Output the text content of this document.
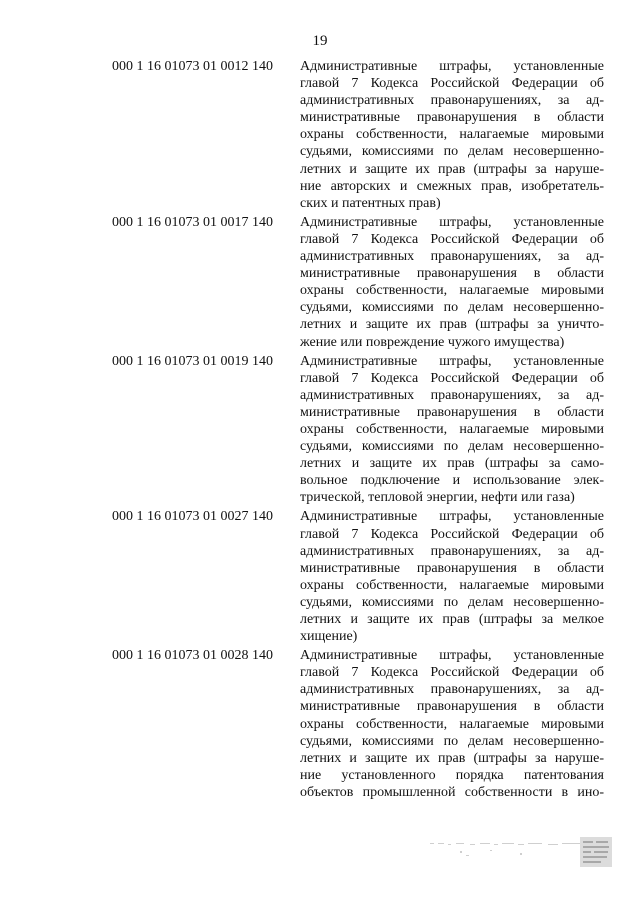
19
000 1 16 01073 01 0012 140 Административные штрафы, установленные
главой 7 Кодекса Российской Федерации об
административных правонарушениях, за ад-
министративные правонарушения в области
охраны собственности, налагаемые мировыми
судьями, комиссиями по делам несовершенно-
летних и защите их прав (штрафы за наруше-
ние авторских и смежных прав, изобретатель-
ских и патентных прав)
000 1 16 01073 01 0017 140 Административные штрафы, установленные
главой 7 Кодекса Российской Федерации об
административных правонарушениях, за ад-
министративные правонарушения в области
охраны собственности, налагаемые мировыми
судьями, комиссиями по делам несовершенно-
летних и защите их прав (штрафы за уничто-
жение или повреждение чужого имущества)
000 1 16 01073 01 0019 140 Административные штрафы, установленные
главой 7 Кодекса Российской Федерации об
административных правонарушениях, за ад-
министративные правонарушения в области
охраны собственности, налагаемые мировыми
судьями, комиссиями по делам несовершенно-
летних и защите их прав (штрафы за само-
вольное подключение и использование элек-
трической, тепловой энергии, нефти или газа)
000 1 16 01073 01 0027 140 Административные штрафы, установленные
главой 7 Кодекса Российской Федерации об
административных правонарушениях, за ад-
министративные правонарушения в области
охраны собственности, налагаемые мировыми
судьями, комиссиями по делам несовершенно-
летних и защите их прав (штрафы за мелкое
хищение)
000 1 16 01073 01 0028 140 Административные штрафы, установленные
главой 7 Кодекса Российской Федерации об
административных правонарушениях, за ад-
министративные правонарушения в области
охраны собственности, налагаемые мировыми
судьями, комиссиями по делам несовершенно-
летних и защите их прав (штрафы за наруше-
ние установленного порядка патентования
объектов промышленной собственности в ино-
